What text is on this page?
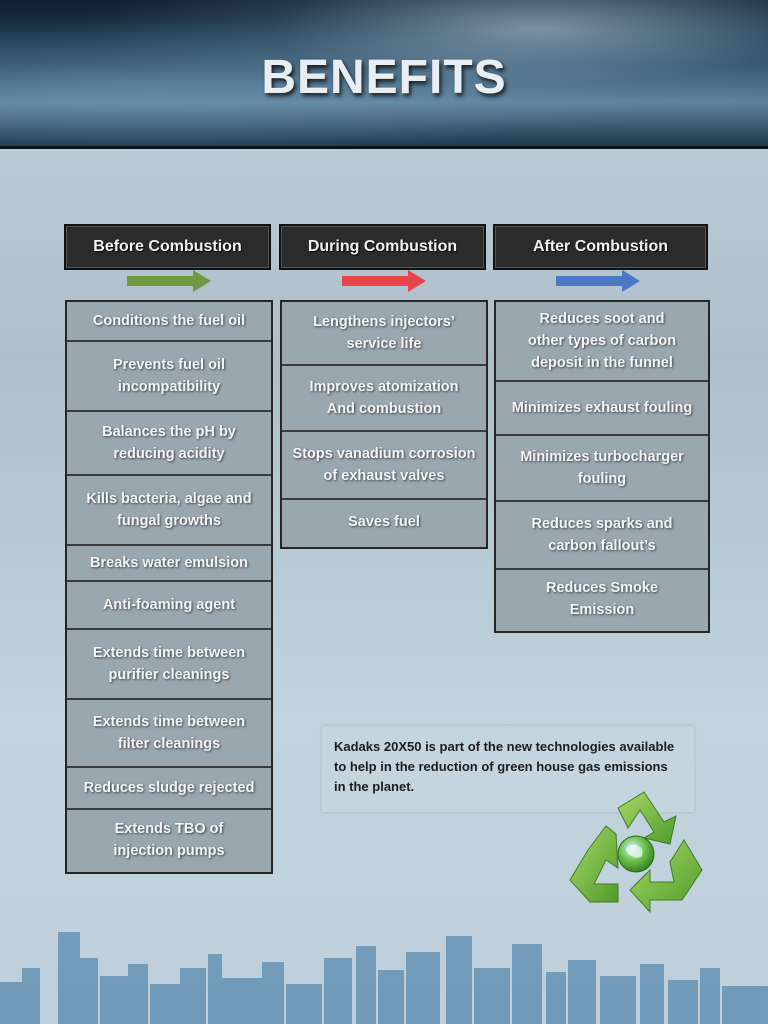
BENEFITS
Before Combustion	During Combustion	After Combustion
Conditions the fuel oil
Prevents fuel oil
incompatibility
Balances the pH by
reducing acidity
Kills bacteria, algae and
fungal growths
Breaks water emulsion
Anti-foaming agent
Extends time between
purifier cleanings
Extends time between
filter cleanings
Reduces sludge rejected
Extends TBO of
injection pumps
Lengthens injectors’
service life
Improves atomization
And combustion
Stops vanadium corrosion
of exhaust valves
Saves fuel
Reduces soot and
other types of carbon
deposit in the funnel
Minimizes exhaust fouling
Minimizes turbocharger
fouling
Reduces sparks and
carbon fallout’s
Reduces Smoke
Emission
Kadaks 20X50 is part of the new technologies available to help in the reduction of green house gas emissions in the planet.
